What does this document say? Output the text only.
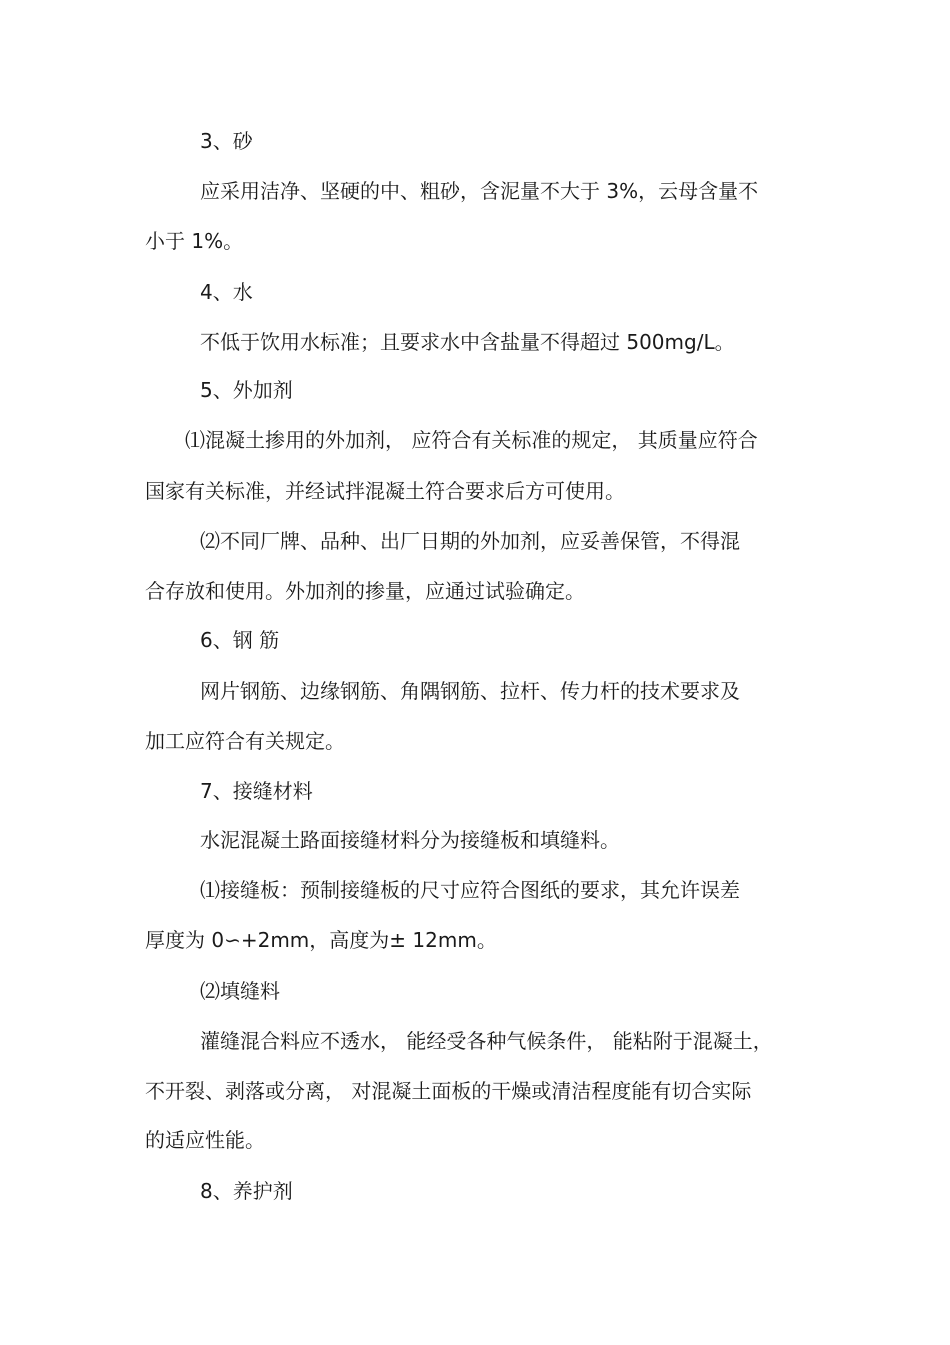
3、砂
应采用洁净、坚硬的中、粗砂，含泥量不大于 3%，云母含量不
小于 1%。
4、水
不低于饮用水标准；且要求水中含盐量不得超过 500mg/L。
5、外加剂
⑴混凝土掺用的外加剂， 应符合有关标准的规定， 其质量应符合
国家有关标准，并经试拌混凝土符合要求后方可使用。
⑵不同厂牌、品种、出厂日期的外加剂，应妥善保管，不得混
合存放和使用。外加剂的掺量，应通过试验确定。
6、钢 筋
网片钢筋、边缘钢筋、角隅钢筋、拉杆、传力杆的技术要求及
加工应符合有关规定。
7、接缝材料
水泥混凝土路面接缝材料分为接缝板和填缝料。
⑴接缝板：预制接缝板的尺寸应符合图纸的要求，其允许误差
厚度为 0∽+2mm，高度为± 12mm。
⑵填缝料
灌缝混合料应不透水， 能经受各种气候条件， 能粘附于混凝土，
不开裂、剥落或分离， 对混凝土面板的干燥或清洁程度能有切合实际
的适应性能。
8、养护剂
